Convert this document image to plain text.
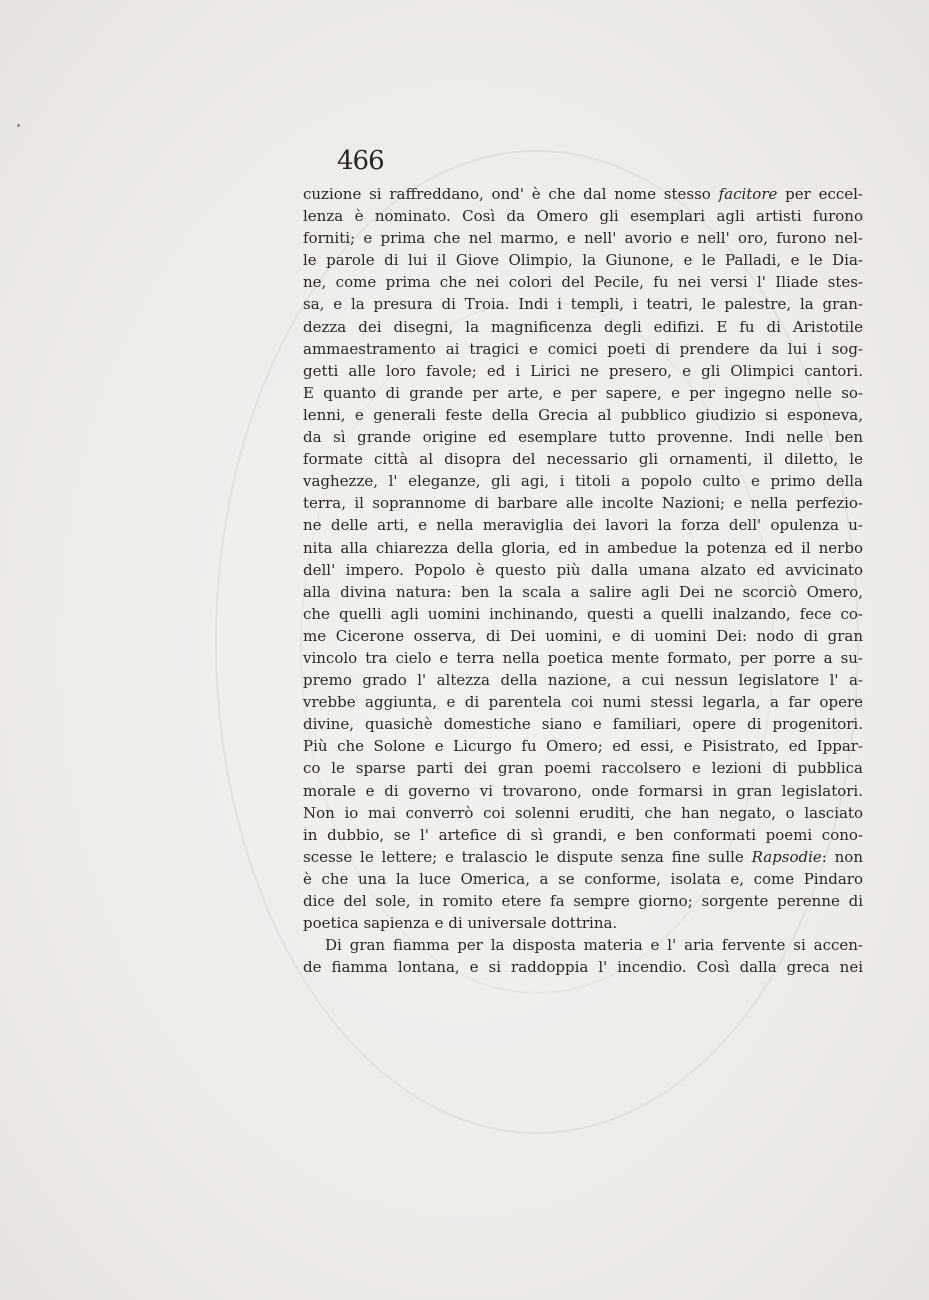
466
cuzione si raffreddano, ond' è che dal nome stesso facitore per eccel-
lenza è nominato. Così da Omero gli esemplari agli artisti furono
forniti; e prima che nel marmo, e nell' avorio e nell' oro, furono nel-
le parole di lui il Giove Olimpio, la Giunone, e le Palladi, e le Dia-
ne, come prima che nei colori del Pecile, fu nei versi l' Iliade stes-
sa, e la presura di Troia. Indi i templi, i teatri, le palestre, la gran-
dezza dei disegni, la magnificenza degli edifizi. E fu di Aristotile
ammaestramento ai tragici e comici poeti di prendere da lui i sog-
getti alle loro favole; ed i Lirici ne presero, e gli Olimpici cantori.
E quanto di grande per arte, e per sapere, e per ingegno nelle so-
lenni, e generali feste della Grecia al pubblico giudizio si esponeva,
da sì grande origine ed esemplare tutto provenne. Indi nelle ben
formate città al disopra del necessario gli ornamenti, il diletto, le
vaghezze, l' eleganze, gli agi, i titoli a popolo culto e primo della
terra, il soprannome di barbare alle incolte Nazioni; e nella perfezio-
ne delle arti, e nella meraviglia dei lavori la forza dell' opulenza u-
nita alla chiarezza della gloria, ed in ambedue la potenza ed il nerbo
dell' impero. Popolo è questo più dalla umana alzato ed avvicinato
alla divina natura: ben la scala a salire agli Dei ne scorciò Omero,
che quelli agli uomini inchinando, questi a quelli inalzando, fece co-
me Cicerone osserva, di Dei uomini, e di uomini Dei: nodo di gran
vincolo tra cielo e terra nella poetica mente formato, per porre a su-
premo grado l' altezza della nazione, a cui nessun legislatore l' a-
vrebbe aggiunta, e di parentela coi numi stessi legarla, a far opere
divine, quasichè domestiche siano e familiari, opere di progenitori.
Più che Solone e Licurgo fu Omero; ed essi, e Pisistrato, ed Ippar-
co le sparse parti dei gran poemi raccolsero e lezioni di pubblica
morale e di governo vi trovarono, onde formarsi in gran legislatori.
Non io mai converrò coi solenni eruditi, che han negato, o lasciato
in dubbio, se l' artefice di sì grandi, e ben conformati poemi cono-
scesse le lettere; e tralascio le dispute senza fine sulle Rapsodie: non
è che una la luce Omerica, a se conforme, isolata e, come Pindaro
dice del sole, in romito etere fa sempre giorno; sorgente perenne di
poetica sapienza e di universale dottrina.
Di gran fiamma per la disposta materia e l' aria fervente si accen-
de fiamma lontana, e si raddoppia l' incendio. Così dalla greca nei
